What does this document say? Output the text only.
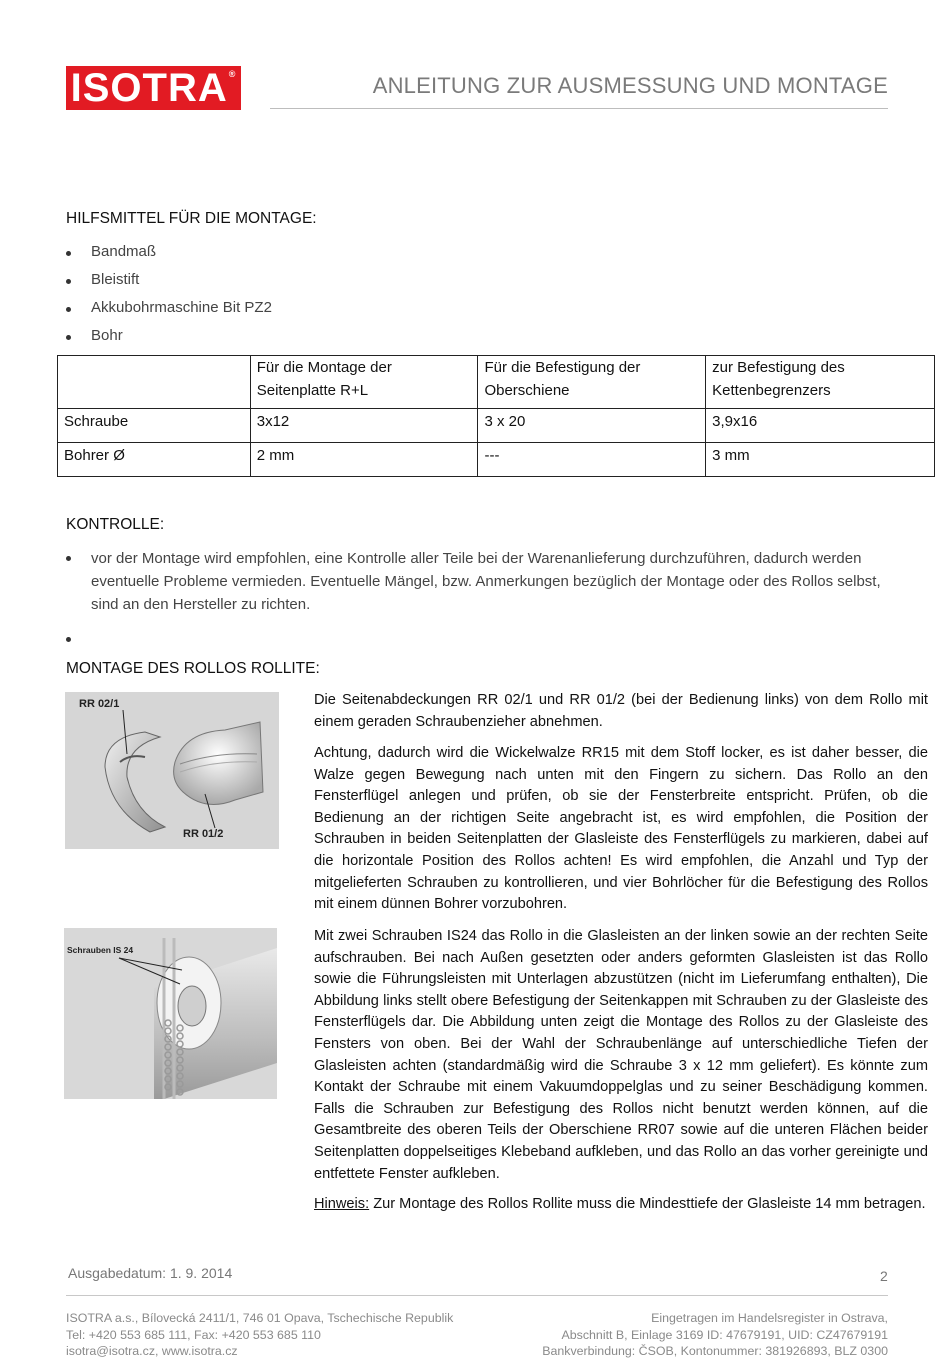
ISOTRA®	ANLEITUNG ZUR AUSMESSUNG UND MONTAGE
HILFSMITTEL FÜR DIE MONTAGE:
Bandmaß
Bleistift
Akkubohrmaschine Bit PZ2
Bohr
	Für die Montage der Seitenplatte R+L	Für die Befestigung der Oberschiene	zur Befestigung des Kettenbegrenzers
Schraube	3x12	3 x 20	3,9x16
Bohrer Ø	2 mm	---	3 mm
KONTROLLE:
vor der Montage wird empfohlen, eine Kontrolle aller Teile bei der Warenanlieferung durchzuführen, dadurch werden eventuelle Probleme vermieden. Eventuelle Mängel, bzw. Anmerkungen bezüglich der Montage oder des Rollos selbst, sind an den Hersteller zu richten.
MONTAGE DES ROLLOS ROLLITE:
RR 02/1
RR 01/2
Schrauben IS 24

Die Seitenabdeckungen RR 02/1 und RR 01/2 (bei der Bedienung links) von dem Rollo mit einem geraden Schraubenzieher abnehmen.

Achtung, dadurch wird die Wickelwalze RR15 mit dem Stoff locker, es ist daher besser, die Walze gegen Bewegung nach unten mit den Fingern zu sichern. Das Rollo an den Fensterflügel anlegen und prüfen, ob sie der Fensterbreite entspricht. Prüfen, ob die Bedienung an der richtigen Seite angebracht ist, es wird empfohlen, die Position der Schrauben in beiden Seitenplatten der Glasleiste des Fensterflügels zu markieren, dabei auf die horizontale Position des Rollos achten! Es wird empfohlen, die Anzahl und Typ der mitgelieferten Schrauben zu kontrollieren, und vier Bohrlöcher für die Befestigung des Rollos mit einem dünnen Bohrer vorzubohren.

Mit zwei Schrauben IS24 das Rollo in die Glasleisten an der linken sowie an der rechten Seite aufschrauben. Bei nach Außen gesetzten oder anders geformten Glasleisten ist das Rollo sowie die Führungsleisten mit Unterlagen abzustützen (nicht im Lieferumfang enthalten), Die Abbildung links stellt obere Befestigung der Seitenkappen mit Schrauben zu der Glasleiste des Fensterflügels dar. Die Abbildung unten zeigt die Montage des Rollos zu der Glasleiste des Fensters von oben. Bei der Wahl der Schraubenlänge auf unterschiedliche Tiefen der Glasleisten achten (standardmäßig wird die Schraube 3 x 12 mm geliefert). Es könnte zum Kontakt der Schraube mit einem Vakuumdoppelglas und zu seiner Beschädigung kommen. Falls die Schrauben zur Befestigung des Rollos nicht benutzt werden können, auf die Gesamtbreite des oberen Teils der Oberschiene RR07 sowie auf die unteren Flächen beider Seitenplatten doppelseitiges Klebeband aufkleben, und das Rollo an das vorher gereinigte und entfettete Fenster aufkleben.

Hinweis: Zur Montage des Rollos Rollite muss die Mindesttiefe der Glasleiste 14 mm betragen.

Ausgabedatum: 1. 9. 2014	2
ISOTRA a.s., Bílovecká 2411/1, 746 01 Opava, Tschechische Republik
Tel: +420 553 685 111, Fax: +420 553 685 110
isotra@isotra.cz, www.isotra.cz
Eingetragen im Handelsregister in Ostrava,
Abschnitt B, Einlage 3169 ID: 47679191, UID: CZ47679191
Bankverbindung: ČSOB, Kontonummer: 381926893, BLZ 0300
